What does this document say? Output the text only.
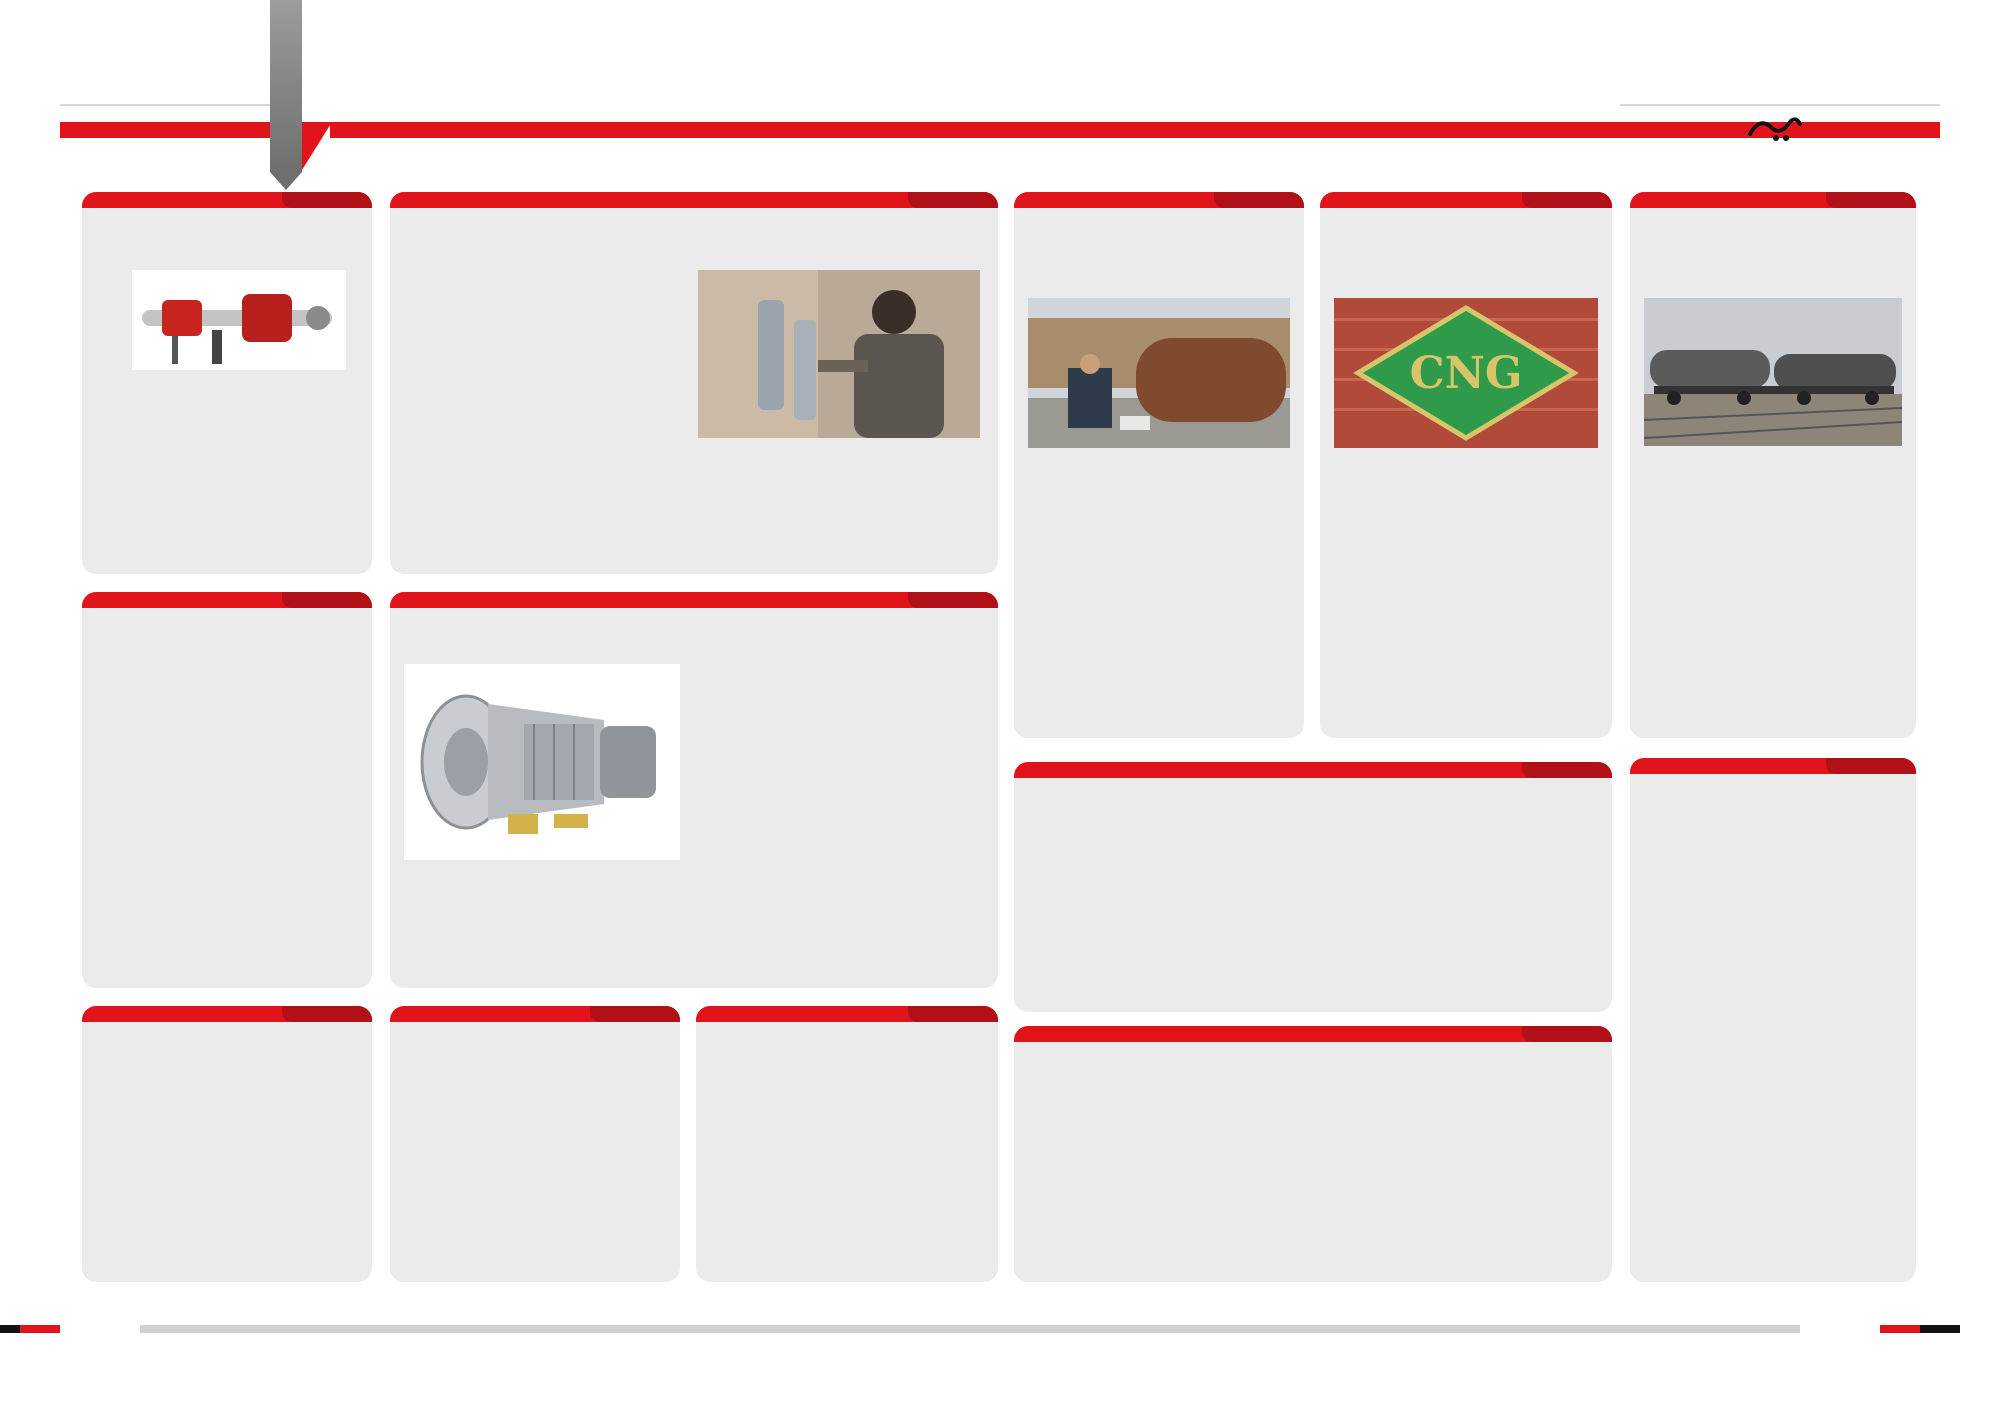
CNG
